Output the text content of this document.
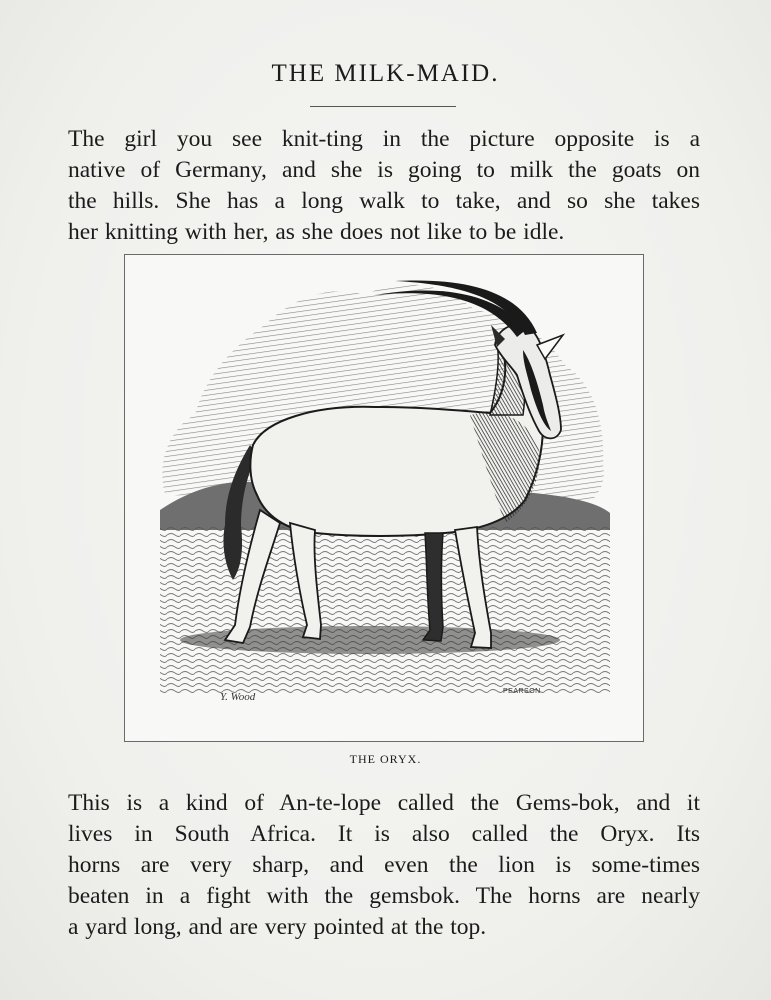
THE MILK-MAID.
The girl you see knit-ting in the picture opposite is a
native of Germany, and she is going to milk the goats on
the hills. She has a long walk to take, and so she takes
her knitting with her, as she does not like to be idle.
Y. Wood	PEARSON
THE ORYX.
This is a kind of An-te-lope called the Gems-bok, and it
lives in South Africa. It is also called the Oryx. Its
horns are very sharp, and even the lion is some-times
beaten in a fight with the gemsbok. The horns are nearly
a yard long, and are very pointed at the top.
